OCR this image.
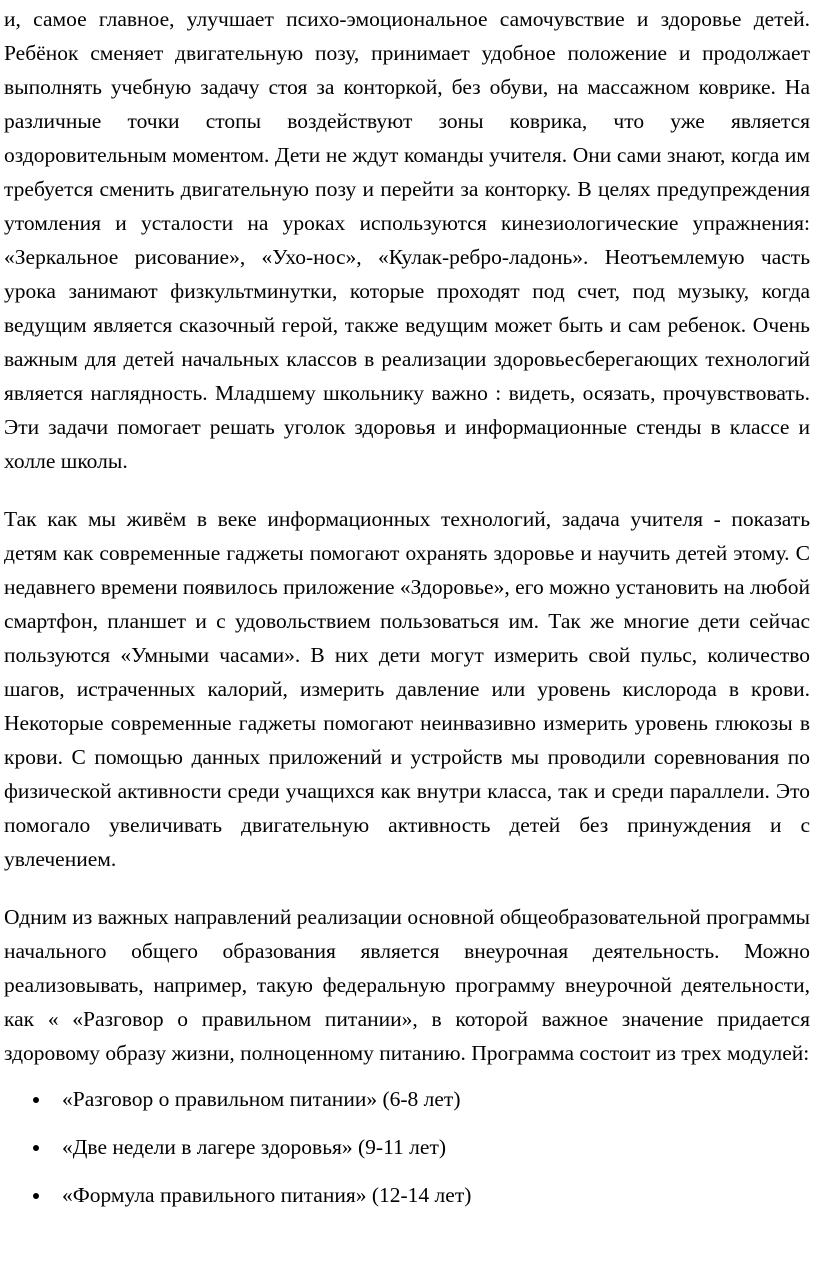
и, самое главное, улучшает психо-эмоциональное самочувствие и здоровье детей. Ребёнок сменяет двигательную позу, принимает удобное положение и продолжает выполнять учебную задачу стоя за конторкой, без обуви, на массажном коврике. На различные точки стопы воздействуют зоны коврика, что уже является оздоровительным моментом. Дети не ждут команды учителя. Они сами знают, когда им требуется сменить двигательную позу и перейти за конторку. В целях предупреждения утомления и усталости на уроках используются кинезиологические упражнения: «Зеркальное рисование», «Ухо-нос», «Кулак-ребро-ладонь». Неотъемлемую часть урока занимают физкультминутки, которые проходят под счет, под музыку, когда ведущим является сказочный герой, также ведущим может быть и сам ребенок. Очень важным для детей начальных классов в реализации здоровьесберегающих технологий является наглядность. Младшему школьнику важно : видеть, осязать, прочувствовать. Эти задачи помогает решать уголок здоровья и информационные стенды в классе и холле школы.

Так как мы живём в веке информационных технологий, задача учителя - показать детям как современные гаджеты помогают охранять здоровье и научить детей этому. С недавнего времени появилось приложение «Здоровье», его можно установить на любой смартфон, планшет и с удовольствием пользоваться им. Так же многие дети сейчас пользуются «Умными часами». В них дети могут измерить свой пульс, количество шагов, истраченных калорий, измерить давление или уровень кислорода в крови. Некоторые современные гаджеты помогают неинвазивно измерить уровень глюкозы в крови. С помощью данных приложений и устройств мы проводили соревнования по физической активности среди учащихся как внутри класса, так и среди параллели. Это помогало увеличивать двигательную активность детей без принуждения и с увлечением.

Одним из важных направлений реализации основной общеобразовательной программы начального общего образования является внеурочная деятельность. Можно реализовывать, например, такую федеральную программу внеурочной деятельности, как « «Разговор о правильном питании», в которой важное значение придается здоровому образу жизни, полноценному питанию. Программа состоит из трех модулей:

«Разговор о правильном питании» (6-8 лет)
«Две недели в лагере здоровья» (9-11 лет)
«Формула правильного питания» (12-14 лет)
